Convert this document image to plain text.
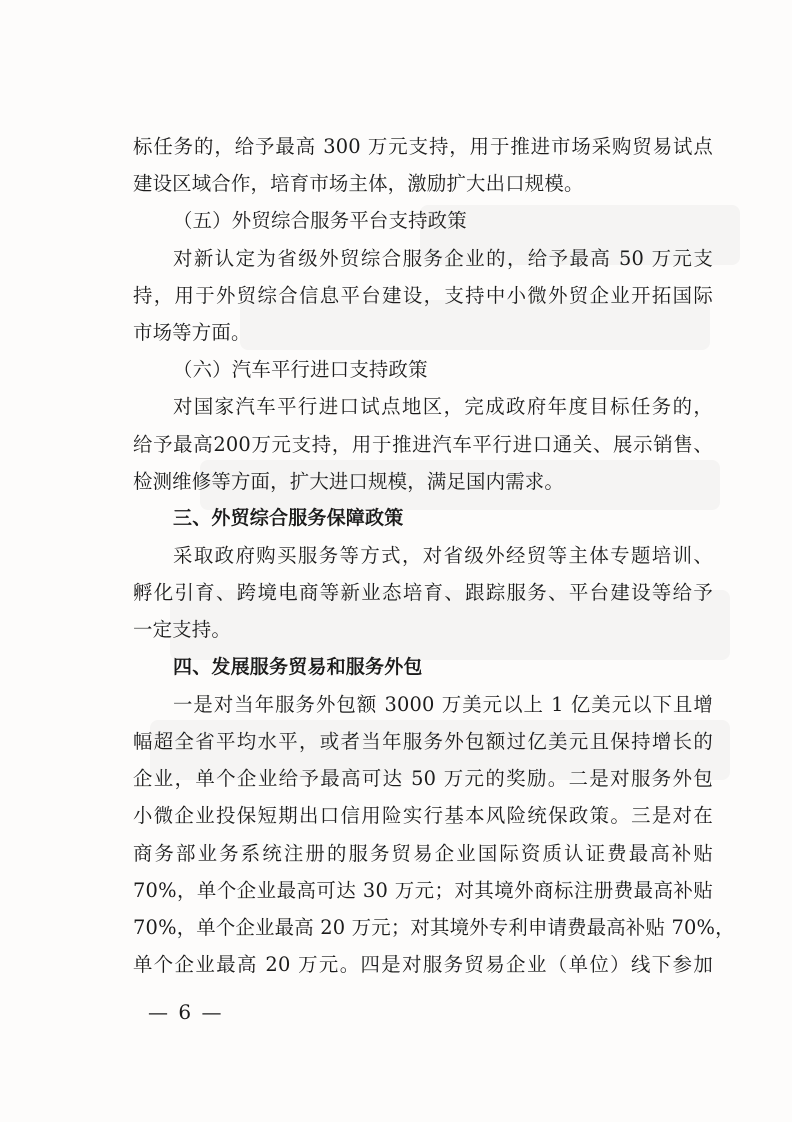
标任务的，给予最高 300 万元支持，用于推进市场采购贸易试点
建设区域合作，培育市场主体，激励扩大出口规模。
（五）外贸综合服务平台支持政策
对新认定为省级外贸综合服务企业的，给予最高 50 万元支
持，用于外贸综合信息平台建设，支持中小微外贸企业开拓国际
市场等方面。
（六）汽车平行进口支持政策
对国家汽车平行进口试点地区，完成政府年度目标任务的，
给予最高200万元支持，用于推进汽车平行进口通关、展示销售、
检测维修等方面，扩大进口规模，满足国内需求。
三、外贸综合服务保障政策
采取政府购买服务等方式，对省级外经贸等主体专题培训、
孵化引育、跨境电商等新业态培育、跟踪服务、平台建设等给予
一定支持。
四、发展服务贸易和服务外包
一是对当年服务外包额 3000 万美元以上 1 亿美元以下且增
幅超全省平均水平，或者当年服务外包额过亿美元且保持增长的
企业，单个企业给予最高可达 50 万元的奖励。二是对服务外包
小微企业投保短期出口信用险实行基本风险统保政策。三是对在
商务部业务系统注册的服务贸易企业国际资质认证费最高补贴
70%，单个企业最高可达 30 万元；对其境外商标注册费最高补贴
70%，单个企业最高 20 万元；对其境外专利申请费最高补贴 70%，
单个企业最高 20 万元。四是对服务贸易企业（单位）线下参加
— 6 —
